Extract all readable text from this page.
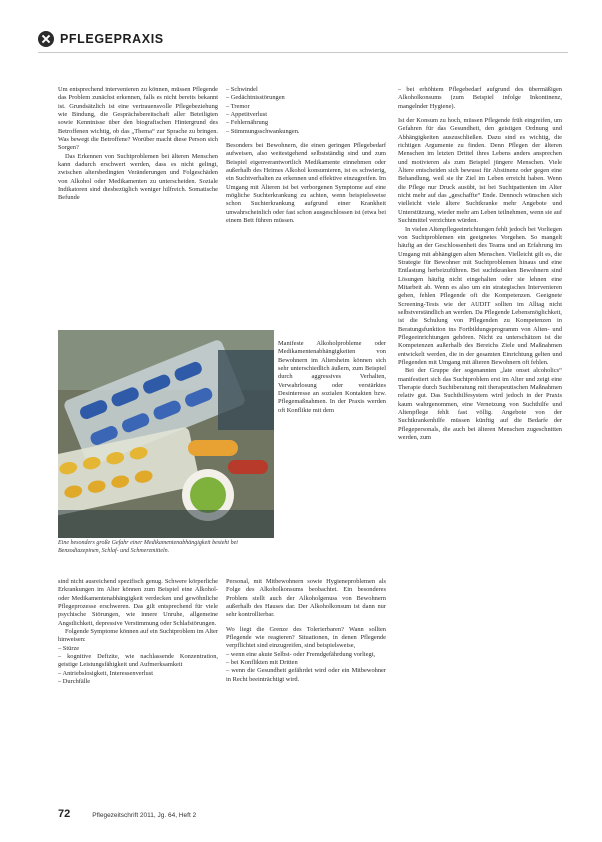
PFLEGEPRAXIS

Um entsprechend intervenieren zu können, müssen Pflegende das Problem zunächst erkennen, falls es nicht bereits bekannt ist. Grundsätzlich ist eine vertrauensvolle Pflegebeziehung wie Bindung, die Gesprächsbereitschaft aller Beteiligten sowie Kenntnisse über den biografischen Hintergrund des Betroffenen wichtig, ob das „Thema“ zur Sprache zu bringen. Was bewegt die Betroffene? Worüber macht diese Person sich Sorgen?

Das Erkennen von Suchtproblemen bei älteren Menschen kann dadurch erschwert werden, dass es nicht gelingt, zwischen altersbedingten Veränderungen und Folgeschäden von Alkohol oder Medikamenten zu unterscheiden. Soziale Indikatoren sind diesbezüglich weniger hilfreich. Somatische Befunde

Eine besonders große Gefahr einer Medikamentenabhängigkeit besteht bei Benzodiazepinen, Schlaf- und Schmerzmitteln.

sind nicht ausreichend spezifisch genug. Schwere körperliche Erkrankungen im Alter können zum Beispiel eine Alkohol- oder Medikamentenabhängigkeit verdecken und gewöhnliche Pflegeprozesse erschweren. Das gilt entsprechend für viele psychische Störungen, wie innere Unruhe, allgemeine Angstlichkeit, depressive Verstimmung oder Schlafstörungen.

Folgende Symptome können auf ein Suchtproblem im Alter hinweisen:

– Stürze
– kognitive Defizite, wie nachlassende Konzentration, geistige Leistungsfähigkeit und Aufmerksamkeit
– Antriebslosigkeit, Interessenverlust
– Durchfälle
– Schwindel
– Gedächtnisstörungen
– Tremor
– Appetitverlust
– Fehlernährung
– Stimmungsschwankungen.

Besonders bei Bewohnern, die einen geringen Pflegebedarf aufweisen, also weitestgehend selbstständig sind und zum Beispiel eigenverantwortlich Medikamente einnehmen oder außerhalb des Heimes Alkohol konsumieren, ist es schwierig, ein Suchtverhalten zu erkennen und effektive einzugreifen. Im Umgang mit Älteren ist bei verborgenen Symptome auf eine mögliche Suchterkrankung zu achten, wenn beispielsweise schon Suchterkrankung aufgrund einer Krankheit unwahrscheinlich oder fast schon ausgeschlossen ist (etwa bei einem Bett führen müssen.

Manifeste Alkoholprobleme oder Medikamentenabhängigkeiten von Bewohnern im Altersheim können sich sehr unterschiedlich äußern, zum Beispiel durch aggressives Verhalten, Verwahrlosung oder verstärktes Desinteresse an sozialen Kontakten bzw. Pflegemaßnahmen. In der Praxis werden oft Konflikte mit dem

Personal, mit Mitbewohnern sowie Hygieneproblemen als Folge des Alkoholkonsums beobachtet. Ein besonderes Problem stellt auch der Alkoholgenuss von Bewohnern außerhalb des Hauses dar. Der Alkoholkonsum ist dann nur sehr kontrollierbar.

Wo liegt die Grenze des Tolerierbaren? Wann sollten Pflegende wie reagieren? Situationen, in denen Pflegende verpflichtet sind einzugreifen, sind beispielsweise,

– wenn eine akute Selbst- oder Fremdgefährdung vorliegt,
– bei Konflikten mit Dritten
– wenn die Gesundheit gefährdet wird oder ein Mitbewohner in Recht beeinträchtigt wird.
– bei erhöhtem Pflegebedarf aufgrund des übermäßigen Alkoholkonsums (zum Beispiel infolge Inkontinenz, mangelnder Hygiene).

Ist der Konsum zu hoch, müssen Pflegende früh eingreifen, um Gefahren für das Gesundheit, den geistigen Ordnung und Abhängigkeiten auszuschließen. Dazu sind es wichtig, die richtigen Argumente zu finden. Denn Pflegen der älteren Menschen im letzten Drittel ihres Lebens anders ansprechen und motivieren als zum Beispiel jüngere Menschen. Viele Ältere entscheiden sich bewusst für Abstinenz oder gegen eine Behandlung, weil sie ihr Ziel im Leben erreicht haben. Wenn die Pflege nur Druck ausübt, ist bei Suchtpatienten im Alter nicht mehr auf das „geschaffte“ Ende. Dennoch wünschen sich vielleicht viele ältere Suchtkranke mehr Angebote und Unterstützung, wieder mehr am Leben teilnehmen, wenn sie auf Suchtmittel verzichten würden.

In vielen Altenpflegeeinrichtungen fehlt jedoch bei Vorliegen von Suchtproblemen ein geeignetes Vorgehen. So mangelt häufig an der Geschlossenheit des Teams und an Erfahrung im Umgang mit abhängigen alten Menschen. Vielleicht gilt es, die Strategie für Bewohner mit Suchtproblemen hinaus und eine Entlastung herbeizuführen. Bei suchtkranken Bewohnern sind Lösungen häufig nicht eingehalten oder sie lehnen eine Mitarbeit ab. Wenn es also um ein strategisches Intervenieren gehen, fehlen Pflegende oft die Kompetenzen. Geeignete Screening-Tests wie der AUDIT sollten im Alltag nicht selbstverständlich an werden. Da Pflegende Lebensmöglichkeit, ist die Schulung von Pflegenden zu Kompetenzen in Beratungsfunktion ins Fortbildungsprogramm von Alten- und Pflegeeinrichtungen gehören. Nicht zu unterschätzen ist die Kompetenzen außerhalb des Bereichs Ziele und Maßnahmen entwickelt werden, die in der gesamten Einrichtung gelten und Pflegenden mit Umgang mit älteren Bewohnern oft fehlen.

Bei der Gruppe der sogenannten „late onset alcoholics“ manifestiert sich das Suchtproblem erst im Alter und zeigt eine Therapie durch Suchtberatung mit therapeutischen Maßnahmen relativ gut. Das Suchthilfesystem wird jedoch in der Praxis kaum wahrgenommen, eine Vernetzung von Suchthilfe und Altenpflege fehlt fast völlig. Angebote von der Suchtkrankenhilfe müssen künftig auf die Bedarfe der Pflegepersonals, die auch bei älteren Menschen zugeschnitten werden, zum

72	Pflegezeitschrift 2011, Jg. 64, Heft 2
